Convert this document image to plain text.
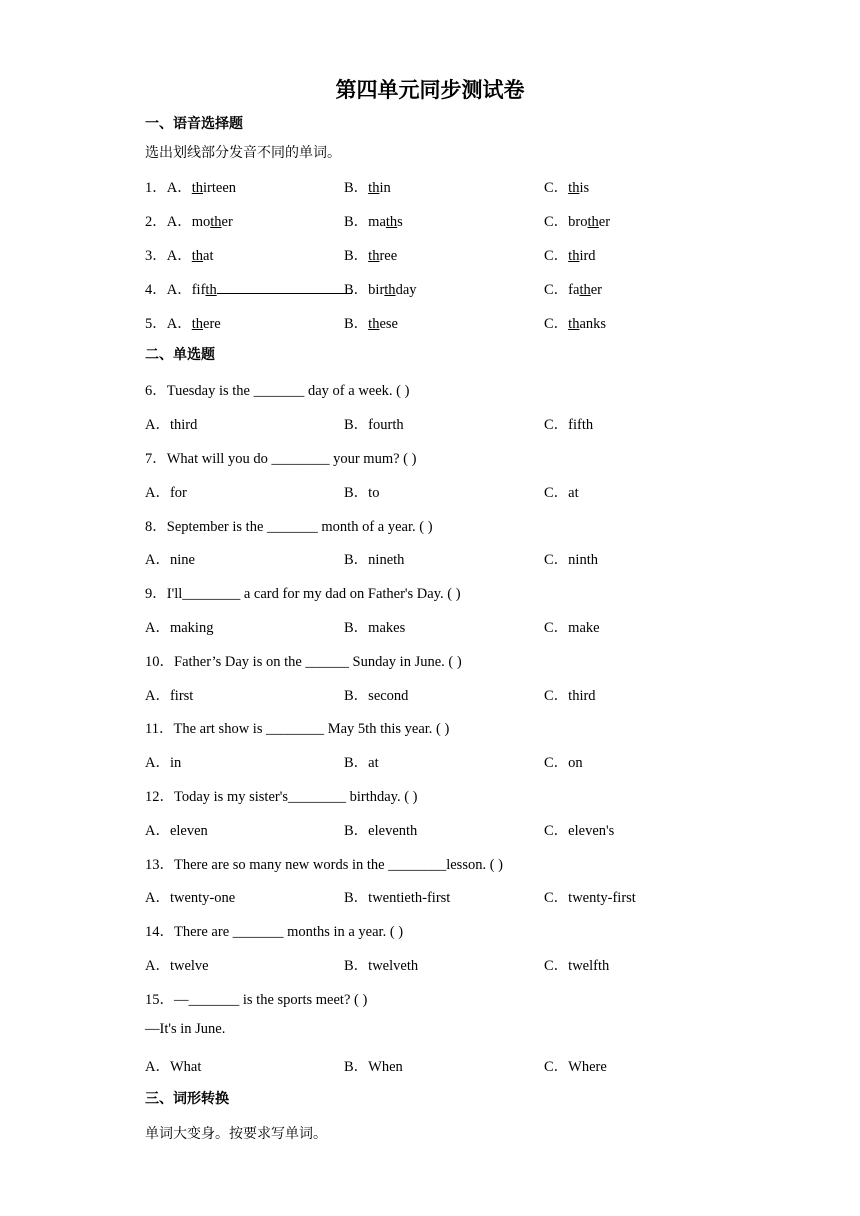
第四单元同步测试卷
一、语音选择题
选出划线部分发音不同的单词。
1．A．thirteen	B．thin	C．this
2．A．mother	B．maths	C．brother
3．A．that	B．three	C．third
4．A．fifth	B．birthday	C．father
5．A．there	B．these	C．thanks
二、单选题
6．Tuesday is the _______ day of a week. ( )
A．third	B．fourth	C．fifth
7．What will you do ________ your mum? ( )
A．for	B．to	C．at
8．September is the _______ month of a year. ( )
A．nine	B．nineth	C．ninth
9．I'll________ a card for my dad on Father's Day. ( )
A．making	B．makes	C．make
10．Father’s Day is on the ______ Sunday in June. ( )
A．first	B．second	C．third
11．The art show is ________ May 5th this year. ( )
A．in	B．at	C．on
12．Today is my sister's________ birthday. ( )
A．eleven	B．eleventh	C．eleven's
13．There are so many new words in the ________lesson. ( )
A．twenty-one	B．twentieth-first	C．twenty-first
14．There are _______ months in a year. ( )
A．twelve	B．twelveth	C．twelfth
15．—_______ is the sports meet? ( )
—It's in June.
A．What	B．When	C．Where
三、词形转换
单词大变身。按要求写单词。
